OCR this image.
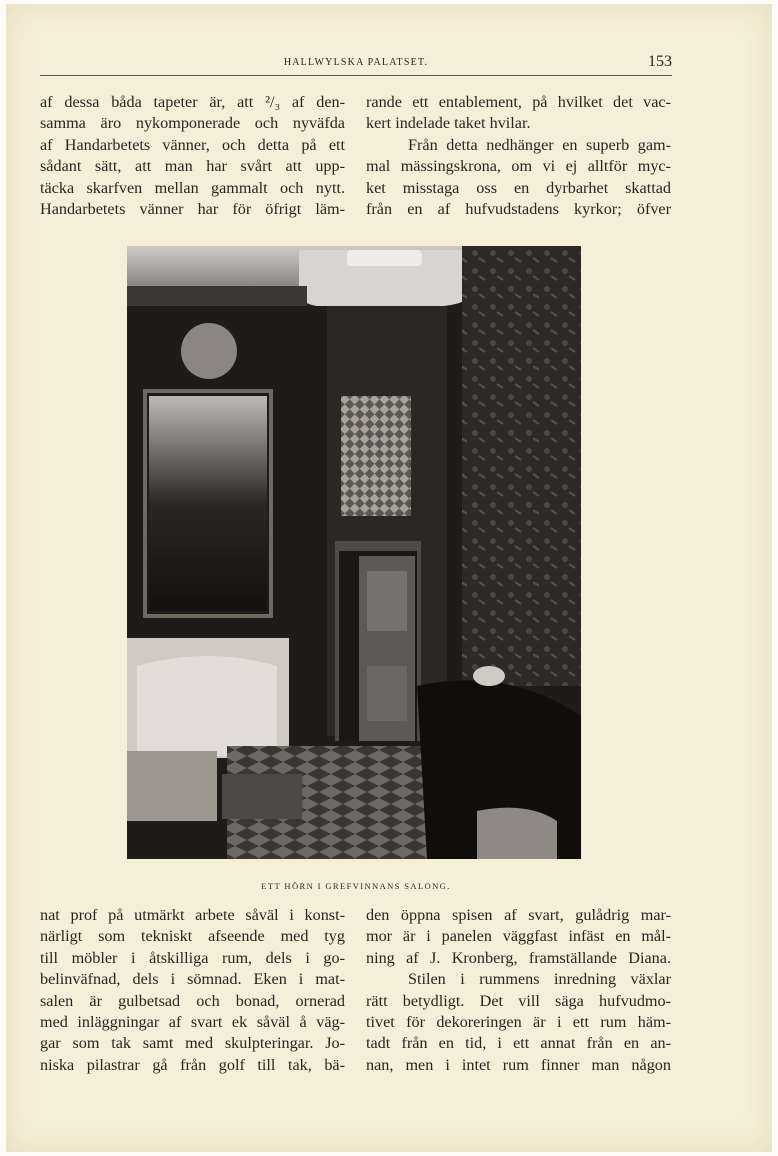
HALLWYLSKA PALATSET.	153
af dessa båda tapeter är, att ²/₃ af den-
samma äro nykomponerade och nyväfda
af Handarbetets vänner, och detta på ett
sådant sätt, att man har svårt att upp-
täcka skarfven mellan gammalt och nytt.
Handarbetets vänner har för öfrigt läm-
rande ett entablement, på hvilket det vac-
kert indelade taket hvilar.
Från detta nedhänger en superb gam-
mal mässingskrona, om vi ej alltför myc-
ket misstaga oss en dyrbarhet skattad
från en af hufvudstadens kyrkor; öfver
ETT HÖRN I GREFVINNANS SALONG.
nat prof på utmärkt arbete såväl i konst-
närligt som tekniskt afseende med tyg
till möbler i åtskilliga rum, dels i go-
belinväfnad, dels i sömnad. Eken i mat-
salen är gulbetsad och bonad, ornerad
med inläggningar af svart ek såväl å väg-
gar som tak samt med skulpteringar. Jo-
niska pilastrar gå från golf till tak, bä-
den öppna spisen af svart, gulådrig mar-
mor är i panelen väggfast infäst en mål-
ning af J. Kronberg, framställande Diana.
Stilen i rummens inredning växlar
rätt betydligt. Det vill säga hufvudmo-
tivet för dekoreringen är i ett rum häm-
tadt från en tid, i ett annat från en an-
nan, men i intet rum finner man någon
